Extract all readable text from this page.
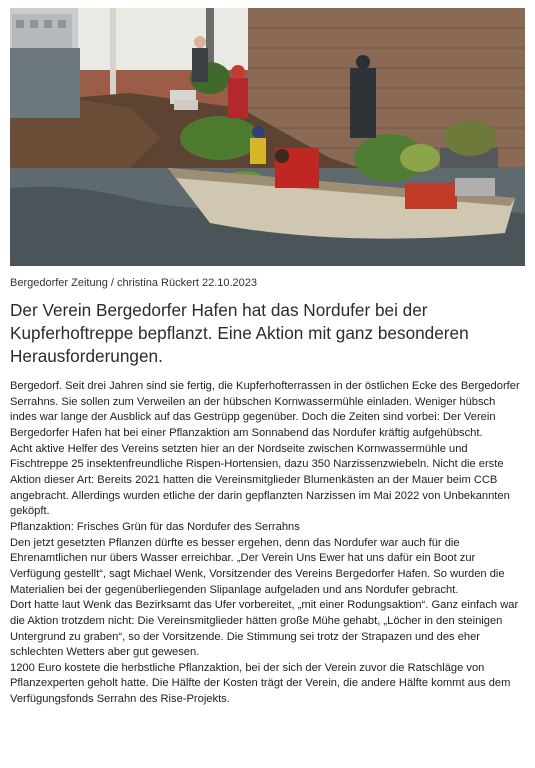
Bergedorfer Zeitung / christina Rückert 22.10.2023
Der Verein Bergedorfer Hafen hat das Nordufer bei der Kupferhoftreppe bepflanzt. Eine Aktion mit ganz besonderen Herausforderungen.

Bergedorf. Seit drei Jahren sind sie fertig, die Kupferhofterrassen in der östlichen Ecke des Bergedorfer Serrahns. Sie sollen zum Verweilen an der hübschen Kornwassermühle einladen. Weniger hübsch indes war lange der Ausblick auf das Gestrüpp gegenüber. Doch die Zeiten sind vorbei: Der Verein Bergedorfer Hafen hat bei einer Pflanzaktion am Sonnabend das Nordufer kräftig aufgehübscht.

Acht aktive Helfer des Vereins setzten hier an der Nordseite zwischen Kornwassermühle und Fischtreppe 25 insektenfreundliche Rispen-Hortensien, dazu 350 Narzissenzwiebeln. Nicht die erste Aktion dieser Art: Bereits 2021 hatten die Vereinsmitglieder Blumenkästen an der Mauer beim CCB angebracht. Allerdings wurden etliche der darin gepflanzten Narzissen im Mai 2022 von Unbekannten geköpft.

Pflanzaktion: Frisches Grün für das Nordufer des Serrahns

Den jetzt gesetzten Pflanzen dürfte es besser ergehen, denn das Nordufer war auch für die Ehrenamtlichen nur übers Wasser erreichbar. „Der Verein Uns Ewer hat uns dafür ein Boot zur Verfügung gestellt“, sagt Michael Wenk, Vorsitzender des Vereins Bergedorfer Hafen. So wurden die Materialien bei der gegenüberliegenden Slipanlage aufgeladen und ans Nordufer gebracht.

Dort hatte laut Wenk das Bezirksamt das Ufer vorbereitet, „mit einer Rodungsaktion“. Ganz einfach war die Aktion trotzdem nicht: Die Vereinsmitglieder hätten große Mühe gehabt, „Löcher in den steinigen Untergrund zu graben“, so der Vorsitzende. Die Stimmung sei trotz der Strapazen und des eher schlechten Wetters aber gut gewesen.

1200 Euro kostete die herbstliche Pflanzaktion, bei der sich der Verein zuvor die Ratschläge von Pflanzexperten geholt hatte. Die Hälfte der Kosten trägt der Verein, die andere Hälfte kommt aus dem Verfügungsfonds Serrahn des Rise-Projekts.
